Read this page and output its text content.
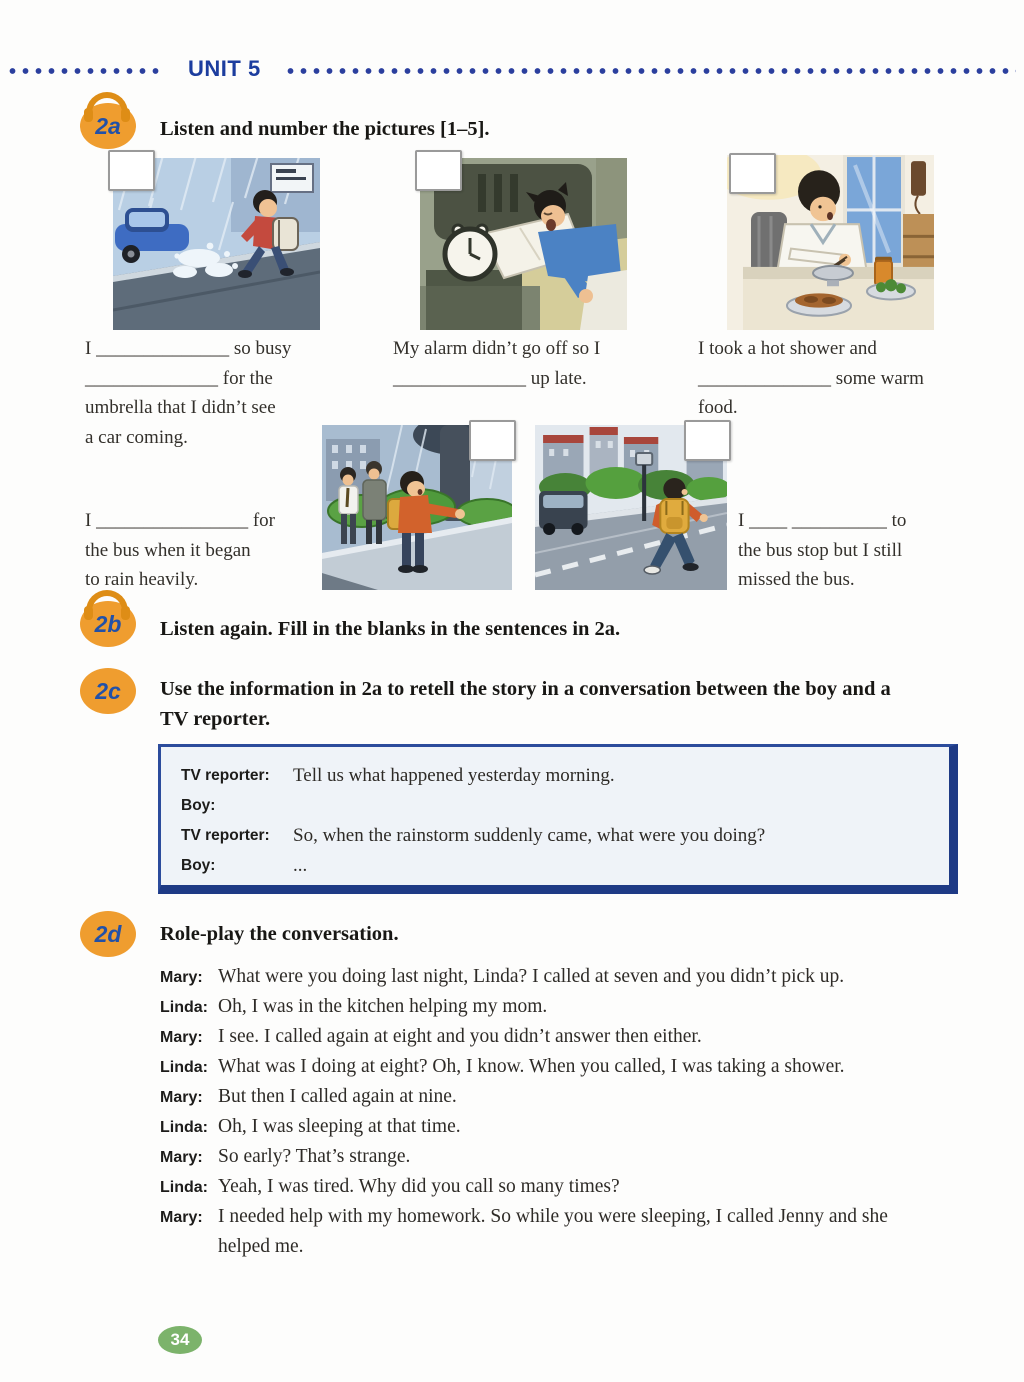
UNIT 5
2a Listen and number the pictures [1–5].
I ______________ so busy
______________ for the
umbrella that I didn’t see
a car coming.
My alarm didn’t go off so I
______________ up late.
I took a hot shower and
______________ some warm
food.
I ________________ for
the bus when it began
to rain heavily.
I ____ __________ to
the bus stop but I still
missed the bus.
2b Listen again. Fill in the blanks in the sentences in 2a.
2c Use the information in 2a to retell the story in a conversation between the boy and a TV reporter.
TV reporter:	Tell us what happened yesterday morning.
Boy:
TV reporter:	So, when the rainstorm suddenly came, what were you doing?
Boy:	...
2d Role-play the conversation.
Mary: What were you doing last night, Linda? I called at seven and you didn’t pick up.
Linda: Oh, I was in the kitchen helping my mom.
Mary: I see. I called again at eight and you didn’t answer then either.
Linda: What was I doing at eight? Oh, I know. When you called, I was taking a shower.
Mary: But then I called again at nine.
Linda: Oh, I was sleeping at that time.
Mary: So early? That’s strange.
Linda: Yeah, I was tired. Why did you call so many times?
Mary: I needed help with my homework. So while you were sleeping, I called Jenny and she helped me.
34
